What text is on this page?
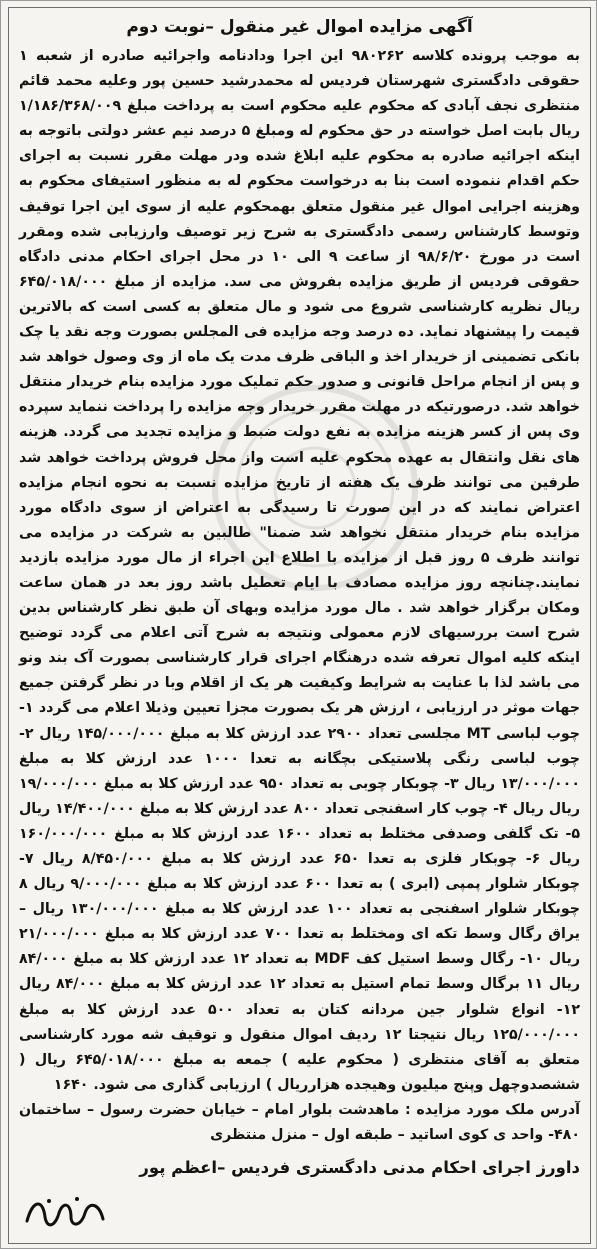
آگهی مزایده اموال غیر منقول –نوبت دوم

به موجب پرونده کلاسه ۹۸۰۲۶۲ این اجرا ودادنامه واجرائیه صادره از شعبه ۱ حقوقی دادگستری شهرستان فردیس له محمدرشید حسین پور وعلیه محمد قائم منتظری نجف آبادی که محکوم علیه محکوم است به پرداخت مبلغ ۱/۱۸۶/۳۶۸/۰۰۹ ریال بابت اصل خواسته در حق محکوم له ومبلغ ۵ درصد نیم عشر دولتی باتوجه به اینکه اجرائیه صادره به محکوم علیه ابلاغ شده ودر مهلت مقرر نسبت به اجرای حکم اقدام ننموده است بنا به درخواست محکوم له به منظور استیفای محکوم به وهزینه اجرایی اموال غیر منقول متعلق بهمحکوم علیه از سوی این اجرا توقیف وتوسط کارشناس رسمی دادگستری به شرح زیر توصیف وارزیابی شده ومقرر است در مورخ ۹۸/۶/۲۰ از ساعت ۹ الی ۱۰ در محل اجرای احکام مدنی دادگاه حقوقی فردیس از طریق مزایده بفروش می سد. مزایده از مبلغ ۶۴۵/۰۱۸/۰۰۰ ریال نظریه کارشناسی شروع می شود و مال متعلق به کسی است که بالاترین قیمت را پیشنهاد نماید. ده درصد وجه مزایده فی المجلس بصورت وجه نقد یا چک بانکی تضمینی از خریدار اخذ و الباقی ظرف مدت یک ماه از وی وصول خواهد شد و پس از انجام مراحل قانونی و صدور حکم تملیک مورد مزایده بنام خریدار منتقل خواهد شد. درصورتیکه در مهلت مقرر خریدار وجه مزایده را پرداخت ننماید سپرده وی پس از کسر هزینه مزایده به نفع دولت ضبط و مزایده تجدید می گردد. هزینه های نقل وانتقال به عهده محکوم علیه است واز محل فروش پرداخت خواهد شد طرفین می توانند ظرف یک هفته از تاریخ مزایده نسبت به نحوه انجام مزایده اعتراض نمایند که در این صورت تا رسیدگی به اعتراض از سوی دادگاه مورد مزایده بنام خریدار منتقل نخواهد شد ضمنا" طالبین به شرکت در مزایده می توانند ظرف ۵ روز قبل از مزایده با اطلاع این اجراء از مال مورد مزایده بازدید نمایند.چنانچه روز مزایده مصادف با ایام تعطیل باشد روز بعد در همان ساعت ومکان برگزار خواهد شد . مال مورد مزایده وبهای آن طبق نظر کارشناس بدین شرح است بررسیهای لازم معمولی ونتیجه به شرح آتی اعلام می گردد توضیح اینکه کلیه اموال تعرفه شده درهنگام اجرای قرار کارشناسی بصورت آک بند ونو می باشد لذا با عنایت به شرایط وکیفیت هر یک از اقلام وبا در نظر گرفتن جمیع جهات موثر در ارزیابی ، ارزش هر یک بصورت مجزا تعیین وذیلا اعلام می گردد ۱- چوب لباسی MT مجلسی تعداد ۲۹۰۰ عدد ارزش کلا به مبلغ ۱۴۵/۰۰۰/۰۰۰ ریال ۲- چوب لباسی رنگی پلاستیکی بچگانه به تعدا ۱۰۰۰ عدد ارزش کلا به مبلغ ۱۳/۰۰۰/۰۰۰ ریال ۳- چوبکار چوبی به تعداد ۹۵۰ عدد ارزش کلا به مبلغ ۱۹/۰۰۰/۰۰۰ ریال ریال ۴- چوب کار اسفنجی تعداد ۸۰۰ عدد ارزش کلا به مبلغ ۱۴/۴۰۰/۰۰۰ ریال ۵- تک گلفی وصدفی مختلط به تعداد ۱۶۰۰ عدد ارزش کلا به مبلغ ۱۶۰/۰۰۰/۰۰۰ ریال ۶- چوبکار فلزی به تعدا ۶۵۰ عدد ارزش کلا به مبلغ ۸/۴۵۰/۰۰۰ ریال ۷- چوبکار شلوار پمپی (ابری ) به تعدا ۶۰۰ عدد ارزش کلا به مبلغ ۹/۰۰۰/۰۰۰ ریال ۸ چوبکار شلوار اسفنجی به تعداد ۱۰۰ عدد ارزش کلا به مبلغ ۱۳۰/۰۰۰/۰۰۰ ریال – یراق رگال وسط تکه ای ومختلط به تعدا ۷۰۰ عدد ارزش کلا به مبلغ ۲۱/۰۰۰/۰۰۰ ریال ۱۰- رگال وسط استیل کف MDF به تعداد ۱۲ عدد ارزش کلا به مبلغ ۸۴/۰۰۰ ریال ۱۱ برگال وسط تمام استیل به تعداد ۱۲ عدد ارزش کلا به مبلغ ۸۴/۰۰۰ ریال ۱۲- انواع شلوار جین مردانه کتان به تعداد ۵۰۰ عدد ارزش کلا به مبلغ ۱۲۵/۰۰۰/۰۰۰ ریال نتیجتا ۱۲ ردیف اموال منقول و توقیف شه مورد کارشناسی متعلق به آقای منتظری ( محکوم علیه ) جمعه به مبلغ ۶۴۵/۰۱۸/۰۰۰ ریال ( ششصدوچهل وپنج میلیون وهیجده هزارریال ) ارزیابی گذاری می شود. ۱۶۴۰

آدرس ملک مورد مزایده : ماهدشت بلوار امام – خیابان حضرت رسول – ساختمان ۴۸۰- واحد ی کوی اساتید – طبقه اول – منزل منتظری

داورز اجرای احکام مدنی دادگستری فردیس –اعظم پور
